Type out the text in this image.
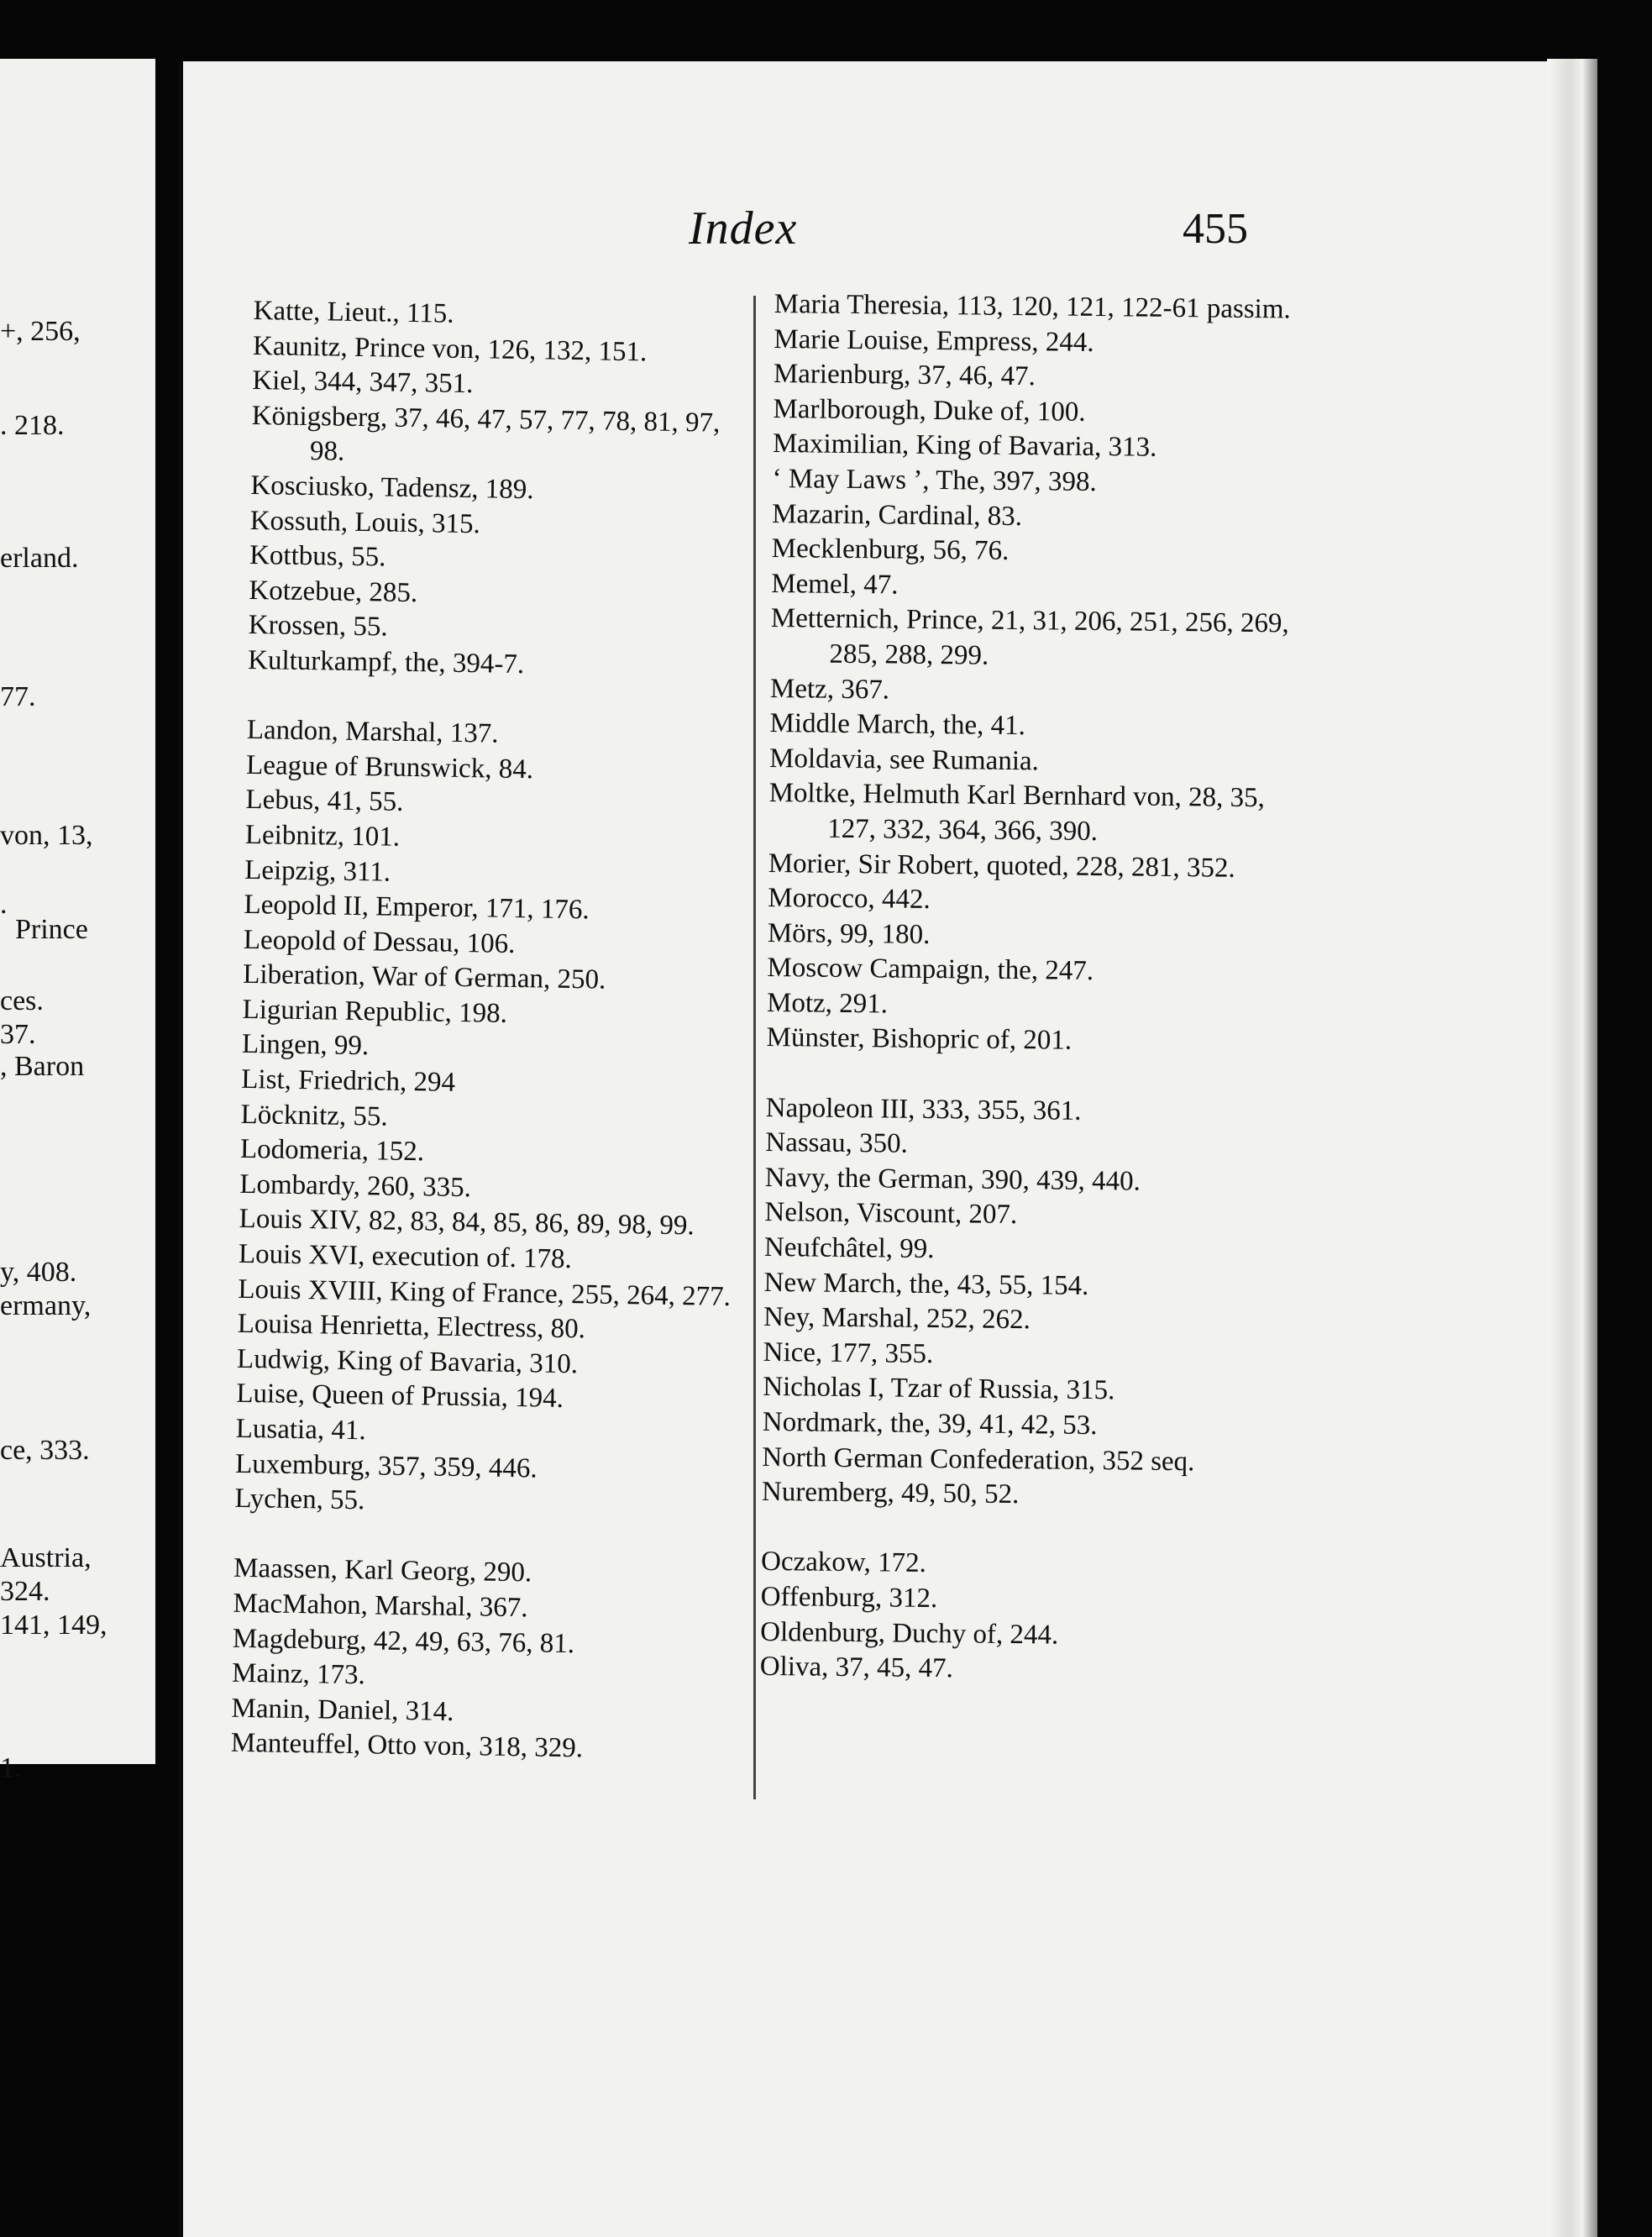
+, 256,
. 218.
erland.
77.
von, 13,
.
Prince
ces.
37.
, Baron
y, 408.
ermany,
ce, 333.
Austria,
324.
141, 149,
1.
Index	455
Katte, Lieut., 115.
Kaunitz, Prince von, 126, 132, 151.
Kiel, 344, 347, 351.
Königsberg, 37, 46, 47, 57, 77, 78, 81, 97, 98.
Kosciusko, Tadensz, 189.
Kossuth, Louis, 315.
Kottbus, 55.
Kotzebue, 285.
Krossen, 55.
Kulturkampf, the, 394-7.
Landon, Marshal, 137.
League of Brunswick, 84.
Lebus, 41, 55.
Leibnitz, 101.
Leipzig, 311.
Leopold II, Emperor, 171, 176.
Leopold of Dessau, 106.
Liberation, War of German, 250.
Ligurian Republic, 198.
Lingen, 99.
List, Friedrich, 294
Löcknitz, 55.
Lodomeria, 152.
Lombardy, 260, 335.
Louis XIV, 82, 83, 84, 85, 86, 89, 98, 99.
Louis XVI, execution of. 178.
Louis XVIII, King of France, 255, 264, 277.
Louisa Henrietta, Electress, 80.
Ludwig, King of Bavaria, 310.
Luise, Queen of Prussia, 194.
Lusatia, 41.
Luxemburg, 357, 359, 446.
Lychen, 55.
Maassen, Karl Georg, 290.
MacMahon, Marshal, 367.
Magdeburg, 42, 49, 63, 76, 81.
Mainz, 173.
Manin, Daniel, 314.
Manteuffel, Otto von, 318, 329.
Maria Theresia, 113, 120, 121, 122-61 passim.
Marie Louise, Empress, 244.
Marienburg, 37, 46, 47.
Marlborough, Duke of, 100.
Maximilian, King of Bavaria, 313.
‘ May Laws ’, The, 397, 398.
Mazarin, Cardinal, 83.
Mecklenburg, 56, 76.
Memel, 47.
Metternich, Prince, 21, 31, 206, 251, 256, 269, 285, 288, 299.
Metz, 367.
Middle March, the, 41.
Moldavia, see Rumania.
Moltke, Helmuth Karl Bernhard von, 28, 35, 127, 332, 364, 366, 390.
Morier, Sir Robert, quoted, 228, 281, 352.
Morocco, 442.
Mörs, 99, 180.
Moscow Campaign, the, 247.
Motz, 291.
Münster, Bishopric of, 201.
Napoleon III, 333, 355, 361.
Nassau, 350.
Navy, the German, 390, 439, 440.
Nelson, Viscount, 207.
Neufchâtel, 99.
New March, the, 43, 55, 154.
Ney, Marshal, 252, 262.
Nice, 177, 355.
Nicholas I, Tzar of Russia, 315.
Nordmark, the, 39, 41, 42, 53.
North German Confederation, 352 seq.
Nuremberg, 49, 50, 52.
Oczakow, 172.
Offenburg, 312.
Oldenburg, Duchy of, 244.
Oliva, 37, 45, 47.
